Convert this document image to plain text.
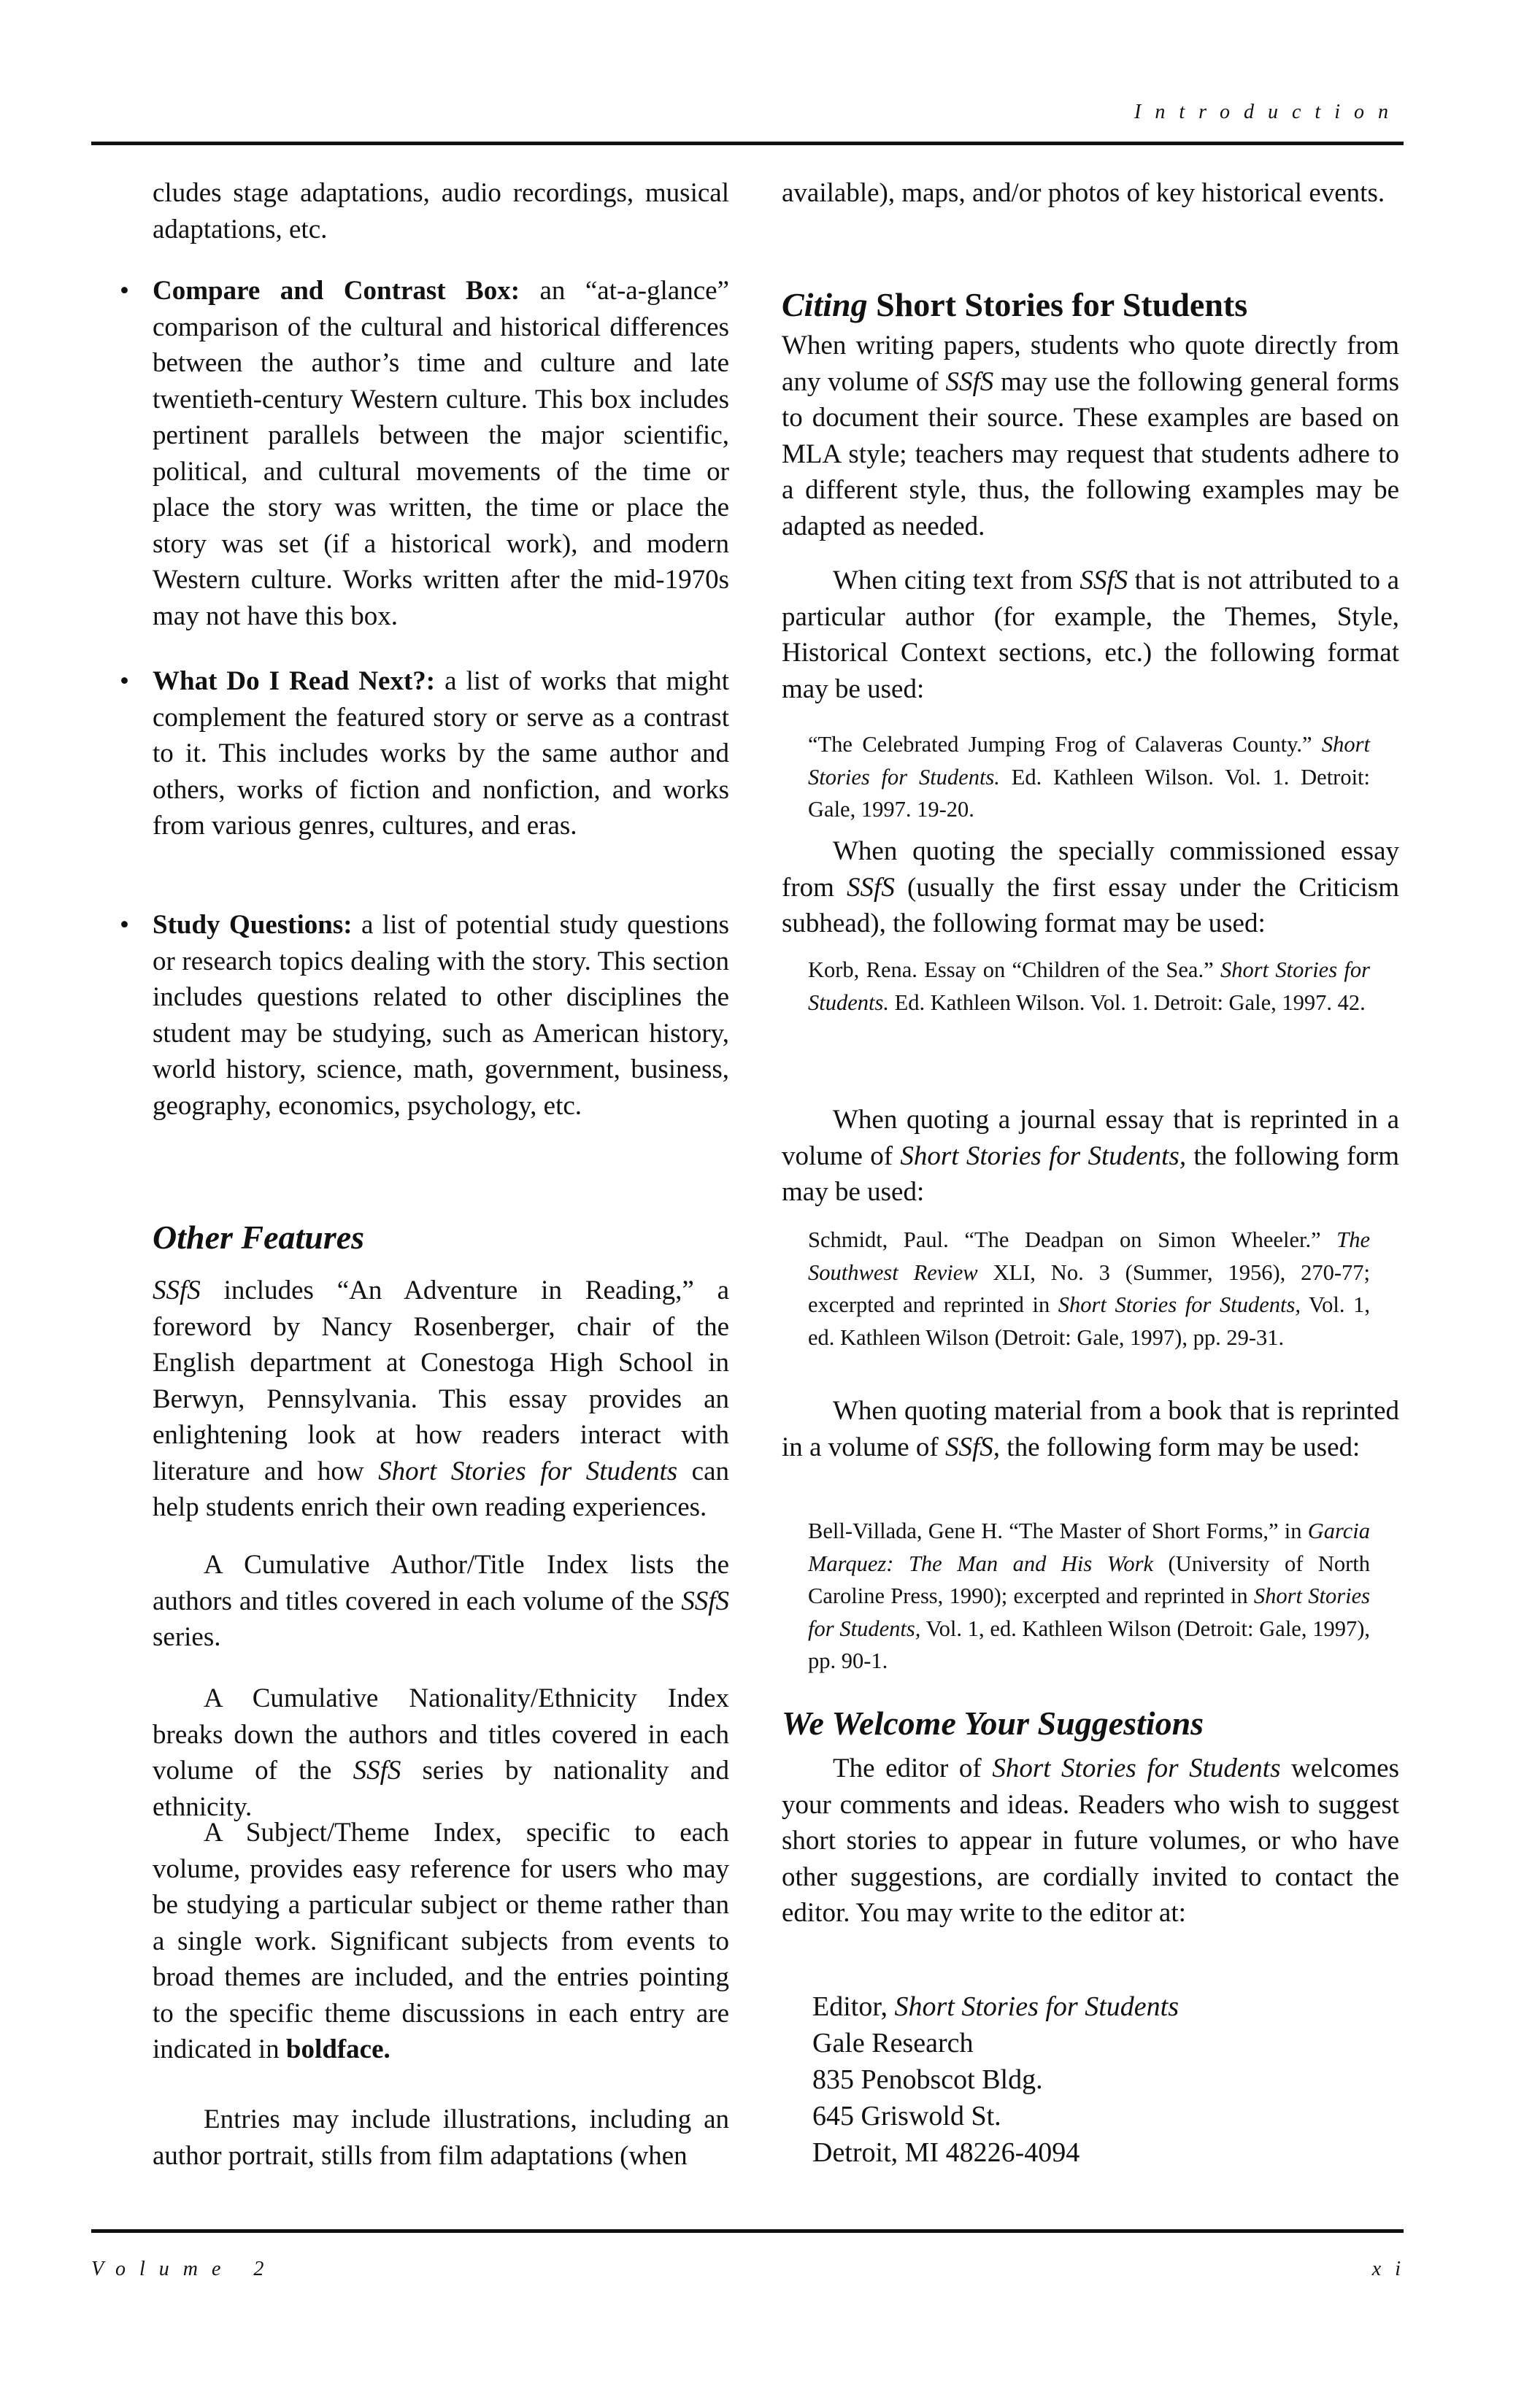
Introduction
cludes stage adaptations, audio recordings, musical adaptations, etc.
• Compare and Contrast Box: an “at-a-glance” comparison of the cultural and historical differences between the author’s time and culture and late twentieth-century Western culture. This box includes pertinent parallels between the major scientific, political, and cultural movements of the time or place the story was written, the time or place the story was set (if a historical work), and modern Western culture. Works written after the mid-1970s may not have this box.
• What Do I Read Next?: a list of works that might complement the featured story or serve as a contrast to it. This includes works by the same author and others, works of fiction and nonfiction, and works from various genres, cultures, and eras.
• Study Questions: a list of potential study questions or research topics dealing with the story. This section includes questions related to other disciplines the student may be studying, such as American history, world history, science, math, government, business, geography, economics, psychology, etc.
Other Features
SSfS includes “An Adventure in Reading,” a foreword by Nancy Rosenberger, chair of the English department at Conestoga High School in Berwyn, Pennsylvania. This essay provides an enlightening look at how readers interact with literature and how Short Stories for Students can help students enrich their own reading experiences.
A Cumulative Author/Title Index lists the authors and titles covered in each volume of the SSfS series.
A Cumulative Nationality/Ethnicity Index breaks down the authors and titles covered in each volume of the SSfS series by nationality and ethnicity.
A Subject/Theme Index, specific to each volume, provides easy reference for users who may be studying a particular subject or theme rather than a single work. Significant subjects from events to broad themes are included, and the entries pointing to the specific theme discussions in each entry are indicated in boldface.
Entries may include illustrations, including an author portrait, stills from film adaptations (when
available), maps, and/or photos of key historical events.
Citing Short Stories for Students
When writing papers, students who quote directly from any volume of SSfS may use the following general forms to document their source. These examples are based on MLA style; teachers may request that students adhere to a different style, thus, the following examples may be adapted as needed.
When citing text from SSfS that is not attributed to a particular author (for example, the Themes, Style, Historical Context sections, etc.) the following format may be used:
“The Celebrated Jumping Frog of Calaveras County.” Short Stories for Students. Ed. Kathleen Wilson. Vol. 1. Detroit: Gale, 1997. 19-20.
When quoting the specially commissioned essay from SSfS (usually the first essay under the Criticism subhead), the following format may be used:
Korb, Rena. Essay on “Children of the Sea.” Short Stories for Students. Ed. Kathleen Wilson. Vol. 1. Detroit: Gale, 1997. 42.
When quoting a journal essay that is reprinted in a volume of Short Stories for Students, the following form may be used:
Schmidt, Paul. “The Deadpan on Simon Wheeler.” The Southwest Review XLI, No. 3 (Summer, 1956), 270-77; excerpted and reprinted in Short Stories for Students, Vol. 1, ed. Kathleen Wilson (Detroit: Gale, 1997), pp. 29-31.
When quoting material from a book that is reprinted in a volume of SSfS, the following form may be used:
Bell-Villada, Gene H. “The Master of Short Forms,” in Garcia Marquez: The Man and His Work (University of North Caroline Press, 1990); excerpted and reprinted in Short Stories for Students, Vol. 1, ed. Kathleen Wilson (Detroit: Gale, 1997), pp. 90-1.
We Welcome Your Suggestions
The editor of Short Stories for Students welcomes your comments and ideas. Readers who wish to suggest short stories to appear in future volumes, or who have other suggestions, are cordially invited to contact the editor. You may write to the editor at:
Editor, Short Stories for Students
Gale Research
835 Penobscot Bldg.
645 Griswold St.
Detroit, MI 48226-4094
Volume 2	xi
